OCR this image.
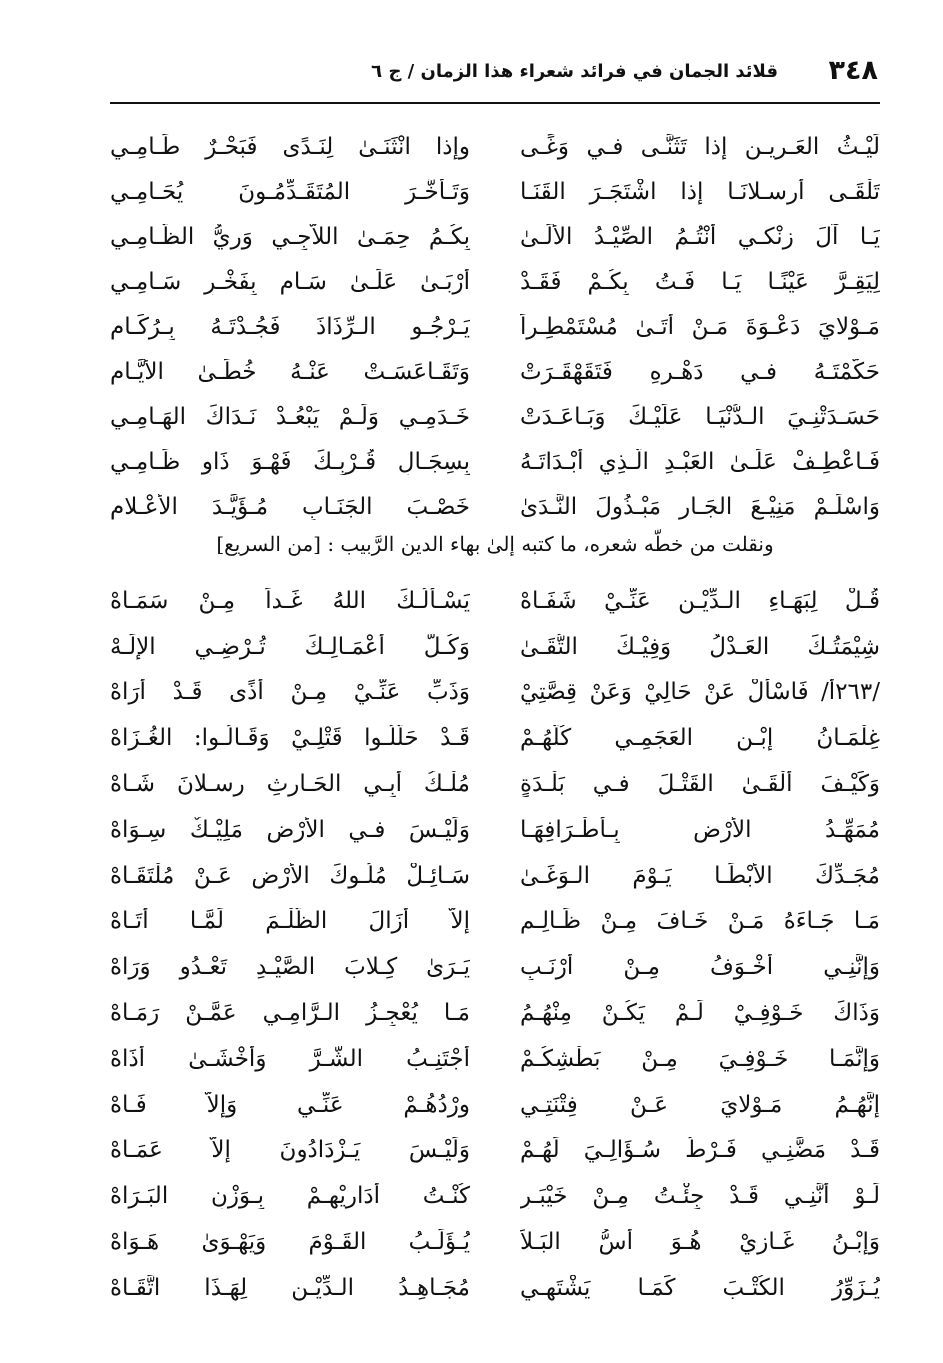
٣٤٨
قلائد الجمان في فرائد شعراء هذا الزمان / ج ٦
لَيْـثُ العَـرِيـنِ إذا تَثَنَّـى فـي وَغًـى
وإذا انْثَنَـىٰ لِنَـدًى فَبَحْـرٌ طَـامِـي
تَلْقَـى أرسـلانَـا إذا اشْتَجَـرَ القَنَـا
وَتَـأخَّـرَ المُتَقَـدِّمُـونَ يُحَـامِـي
يَـا آلَ زنْكـي أنْتُـمُ الصِّيْـدُ الأُلَـىٰ
بِكُـمُ حِمَـىٰ اللاَّجِـي وَرِيُّ الظَّـامِـي
لِيَقِـرَّ عَيْنًـا يَـا فَـتُ بِكُـمْ فَقَـدْ
أَرْبَـىٰ عَلَـىٰ سَـامٍ بِفَخْـرٍ سَـامِـي
مَـوْلايَ دَعْـوَةَ مَـنْ أَتَـىٰ مُسْتَمْطِـراً
يَـرْجُـو الـرِّذَاذَ فَجُـدْتَـهُ بِـرُكَـامِ
حَكَّمْتَـهُ فـي دَهْـرِهِ فَتَقَهْقَـرَتْ
وَتَقَـاعَسَـتْ عَنْـهُ خُطَـىٰ الأَيَّـامِ
حَسَـدَتْنِـيَ الـدُّنْيَـا عَلَيْـكَ وَبَـاعَـدَتْ
خَـدَمِـي وَلَـمْ يَبْعُـدْ نَـدَاكَ الهَـامِـي
فَـاعْطِـفْ عَلَـىٰ العَبْـدِ الَّـذِي أَبْـدَاتَـهُ
بِسِجَـالِ قُـرْبِـكَ فَهْـوَ ذَاوٍ ظَـامِـي
وَاسْلَـمْ مَنِيْـعَ الجَـارِ مَبْـذُولَ النَّـدَىٰ
خَصْـبَ الجَنَـابِ مُـؤَيَّـدَ الأَعْـلامِ
ونقلت من خطّه شعره، ما كتبه إلىٰ بهاء الدين الرَّبيب : [من السريع]
قُـلْ لِبَهَـاءِ الـدِّيْـنِ عَنِّـيْ شَفَـاهْ
يَسْـأَلُـكَ اللهُ غَـداً مِـنْ سَمَـاهْ
شِيْمَتُـكَ العَـدْلُ وَفِيْـكَ التُّقَـىٰ
وَكُـلُّ أَعْمَـالِـكَ تُـرْضِـي الإِلَـهْ
/٢٦٣أ/ فَاسْأَلْ عَنْ حَالِيْ وَعَنْ قِصَّتِيْ
وَذَبِّ عَنِّـيْ مِـنْ أَذًى قَـدْ أَرَاهْ
غِلْمَـانُ إِبْـنِ العَجَمِـي كُلُّهُـمْ
قَـدْ حَلَّلُـوا قَتْلِـيْ وَقَـالُـوا: الغُـزَاهْ
وَكَيْـفَ أَلْقَـىٰ القَتْـلَ فـي بَلْـدَةٍ
مُلْـكُ أَبِـي الحَـارِثِ رسـلانَ شَـاهْ
مُمَهِّـدُ الأَرْضِ بِـأَطْـرَافِهَـا
وَلَيْـسَ فـي الأَرْضِ مَلِيْـكٌ سِـوَاهْ
مُجَـدِّكَ الأَبْطَـا يَـوْمَ الـوَغَـىٰ
سَـائِـلْ مُلُـوكَ الأَرْضِ عَـنْ مُلْتَقَـاهْ
مَـا جَـاءَهُ مَـنْ خَـافَ مِـنْ ظَـالِـمٍ
إِلاَّ أَزَالَ الظُّلْـمَ لَمَّـا أَتَـاهْ
وَإِنَّنِـي أَخْـوَفُ مِـنْ أَرْنَـبٍ
يَـرَىٰ كِـلابَ الصَّيْـدِ تَعْـدُو وَرَاهْ
وَذَاكَ خَـوْفِـيْ لَـمْ يَكُـنْ مِنْهُـمُ
مَـا يُعْجِـزُ الـرَّامِـي عَمَّـنْ رَمَـاهْ
وَإِنَّمَـا خَـوْفِـيَ مِـنْ بَطْشِكُـمْ
أَجْتَنِـبُ الشَّـرَّ وَأَخْشَـىٰ أَذَاهْ
إِنَّهُـمُ مَـوْلايَ عَـنْ فِتْنَتِـي
وِرْدُهُـمْ عَنِّـي وَإِلاَّ فَـاهْ
قَـدْ مَضَّنِـي فَـرْطُ سُـؤَالِـيَ لَهُـمْ
وَلَيْـسَ يَـزْدَادُونَ إِلاَّ عَمَـاهْ
لَـوْ أَنَّنِـي قَـدْ جِئْـتُ مِـنْ خَيْبَـرٍ
كُنْـتُ أُدَارِيْهِـمْ بِـوَزْنِ البَـرَاهْ
وَإِبْـنُ غَـازِيْ هُـوَ أُسُّ البَـلاَ
يُـؤَلِّـبُ القَـوْمَ وَيَهْـوَىٰ هَـوَاهْ
يُـزَوِّرُ الكُتْـبَ كَمَـا يَشْتَهِـي
مُجَـاهِـدُ الـدِّيْـنِ لِهَـذَا اتَّقَـاهْ
